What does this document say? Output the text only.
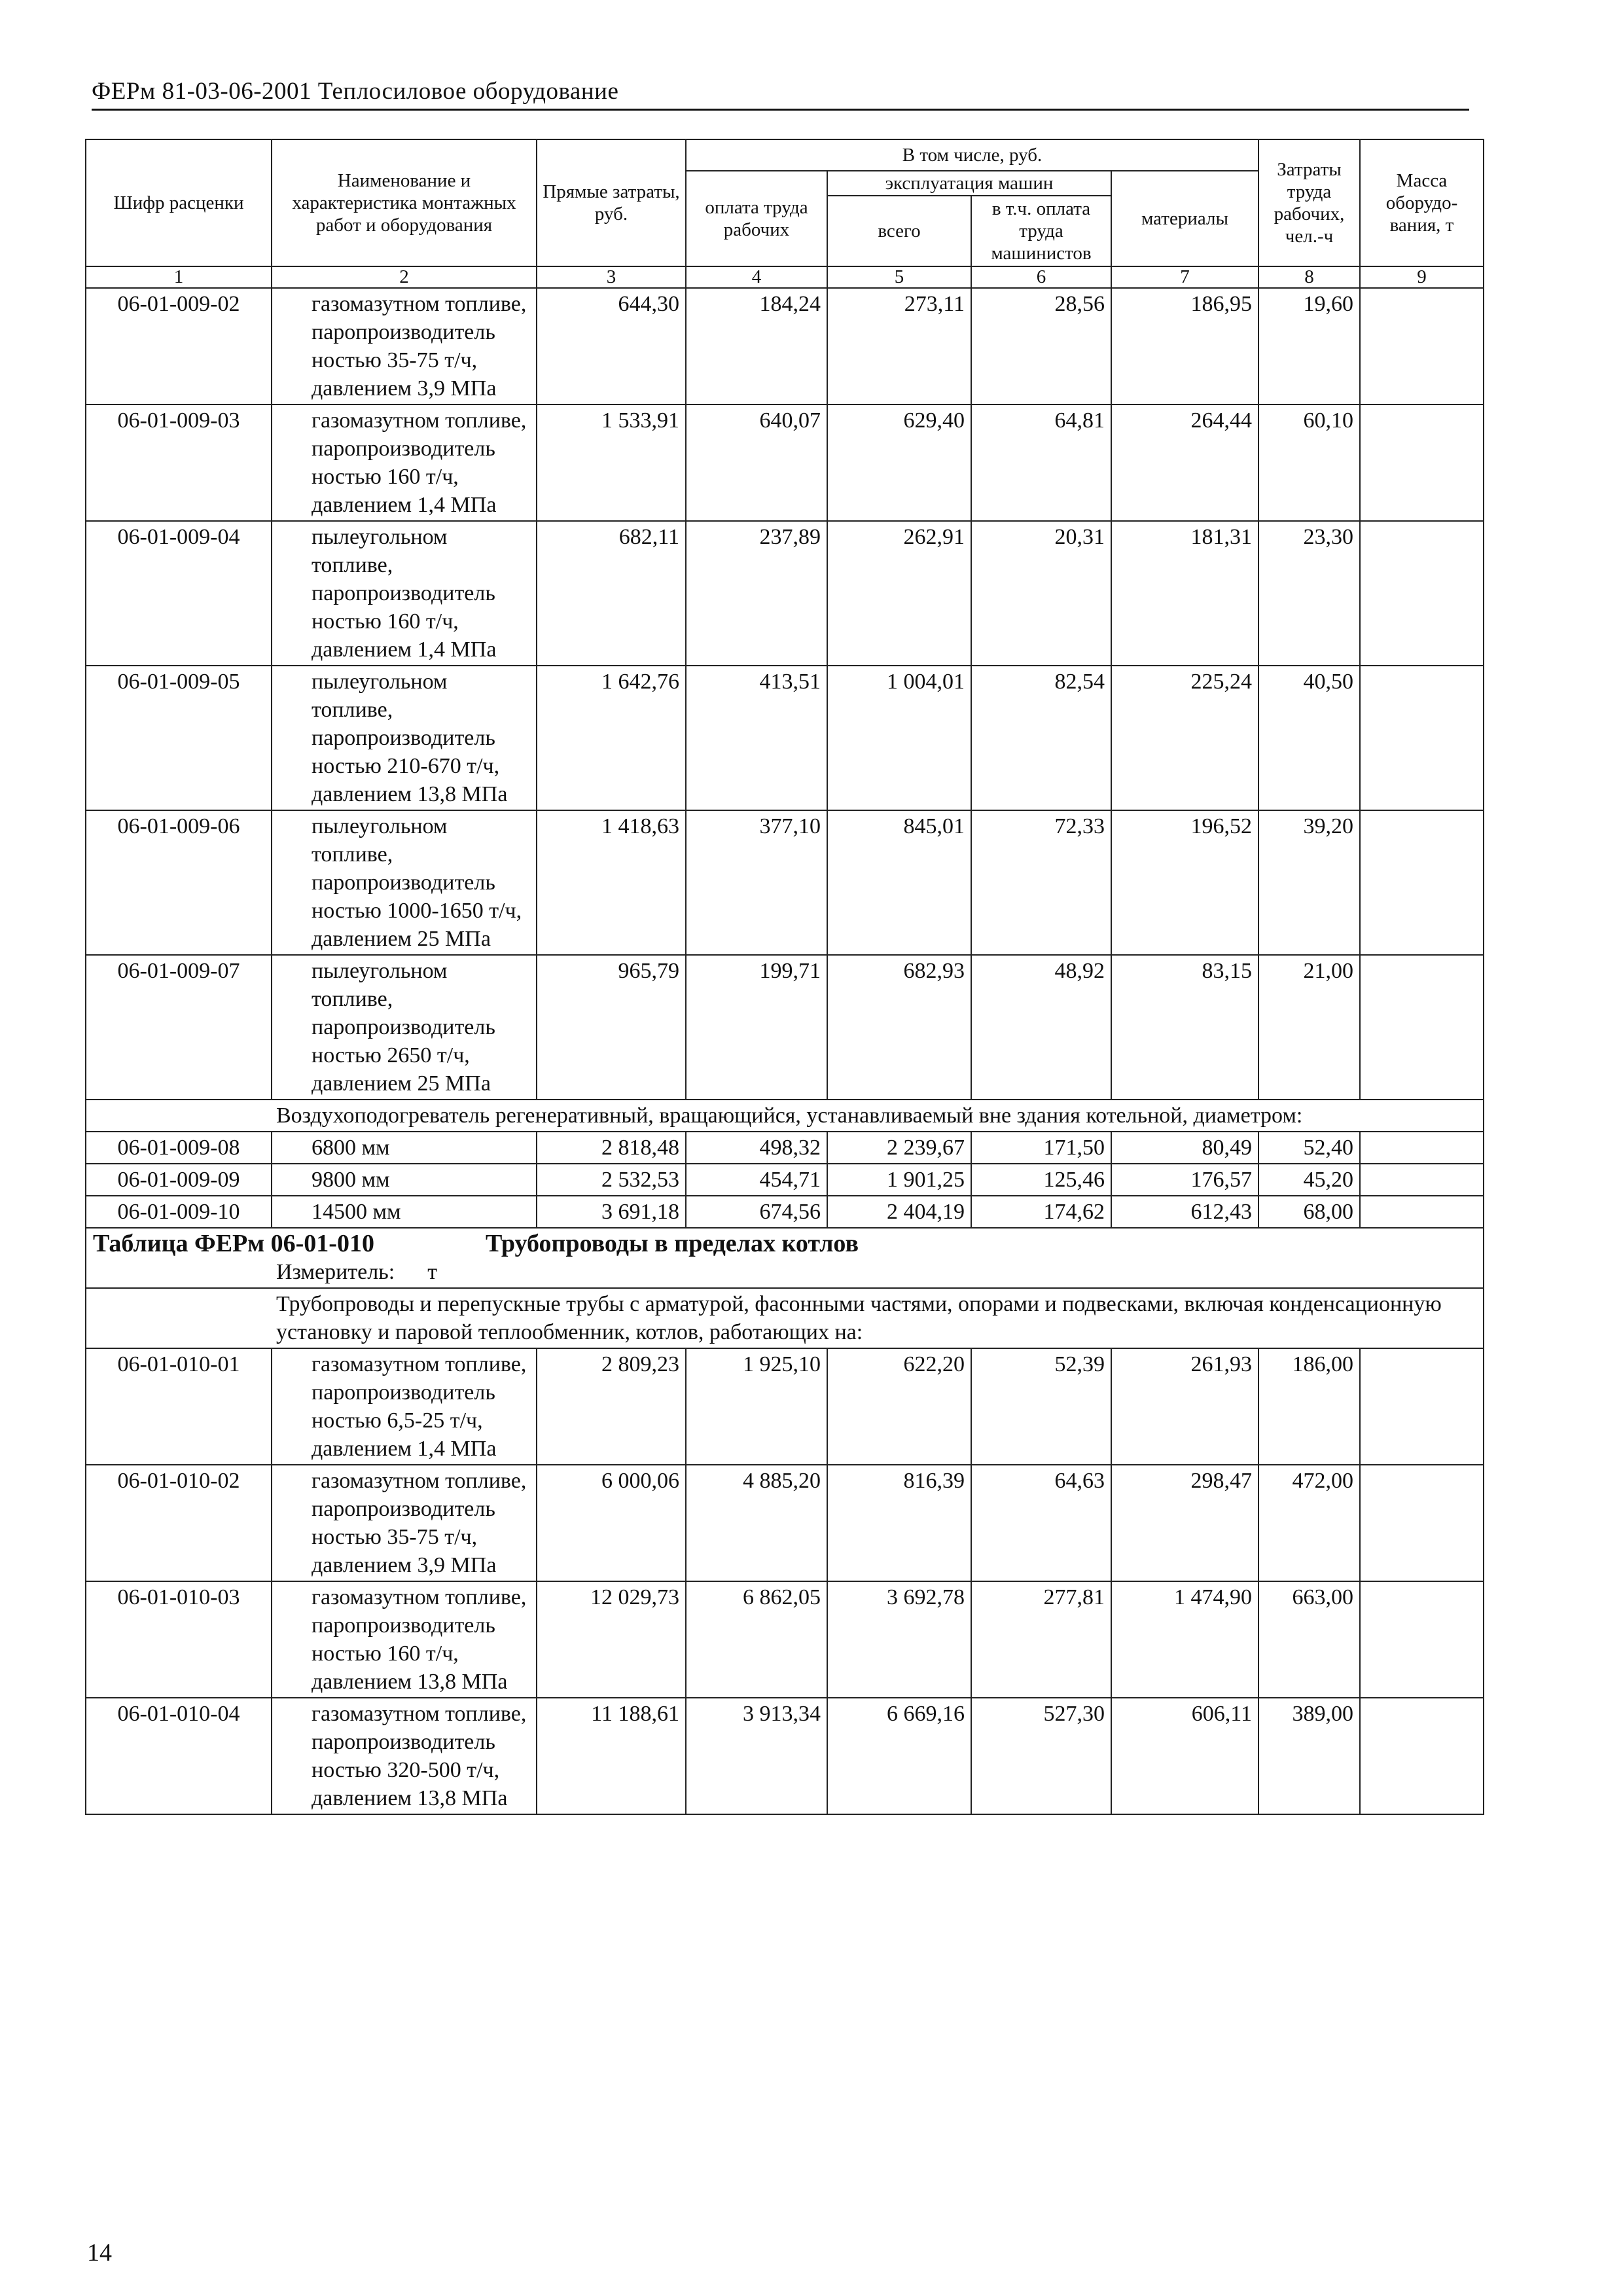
ФЕРм 81-03-06-2001 Теплосиловое оборудование
Шифр расценки	Наименование и характеристика монтажных работ и оборудования	Прямые затраты, руб.	В том числе, руб.				Затраты труда рабочих, чел.-ч	Масса оборудо-вания, т
			оплата труда рабочих	эксплуатация машин		материалы		
				всего	в т.ч. оплата труда машинистов			
1	2	3	4	5	6	7	8	9
06-01-009-02	газомазутном топливе, паропроизводитель ностью 35-75 т/ч, давлением 3,9 МПа	644,30	184,24	273,11	28,56	186,95	19,60	
06-01-009-03	газомазутном топливе, паропроизводитель ностью 160 т/ч, давлением 1,4 МПа	1 533,91	640,07	629,40	64,81	264,44	60,10	
06-01-009-04	пылеугольном топливе, паропроизводитель ностью 160 т/ч, давлением 1,4 МПа	682,11	237,89	262,91	20,31	181,31	23,30	
06-01-009-05	пылеугольном топливе, паропроизводитель ностью 210-670 т/ч, давлением 13,8 МПа	1 642,76	413,51	1 004,01	82,54	225,24	40,50	
06-01-009-06	пылеугольном топливе, паропроизводитель ностью 1000-1650 т/ч, давлением 25 МПа	1 418,63	377,10	845,01	72,33	196,52	39,20	
06-01-009-07	пылеугольном топливе, паропроизводитель ностью 2650 т/ч, давлением 25 МПа	965,79	199,71	682,93	48,92	83,15	21,00	
Воздухоподогреватель регенеративный, вращающийся, устанавливаемый вне здания котельной, диаметром:								
06-01-009-08	6800 мм	2 818,48	498,32	2 239,67	171,50	80,49	52,40	
06-01-009-09	9800 мм	2 532,53	454,71	1 901,25	125,46	176,57	45,20	
06-01-009-10	14500 мм	3 691,18	674,56	2 404,19	174,62	612,43	68,00	

Таблица ФЕРм 06-01-010 Трубопроводы в пределах котлов
Измеритель: т								

Трубопроводы и перепускные трубы с арматурой, фасонными частями, опорами и подвесками, включая конденсационную установку и паровой теплообменник, котлов, работающих на:								
06-01-010-01	газомазутном топливе, паропроизводитель ностью 6,5-25 т/ч, давлением 1,4 МПа	2 809,23	1 925,10	622,20	52,39	261,93	186,00	
06-01-010-02	газомазутном топливе, паропроизводитель ностью 35-75 т/ч, давлением 3,9 МПа	6 000,06	4 885,20	816,39	64,63	298,47	472,00	
06-01-010-03	газомазутном топливе, паропроизводитель ностью 160 т/ч, давлением 13,8 МПа	12 029,73	6 862,05	3 692,78	277,81	1 474,90	663,00	
06-01-010-04	газомазутном топливе, паропроизводитель ностью 320-500 т/ч, давлением 13,8 МПа	11 188,61	3 913,34	6 669,16	527,30	606,11	389,00	
14
